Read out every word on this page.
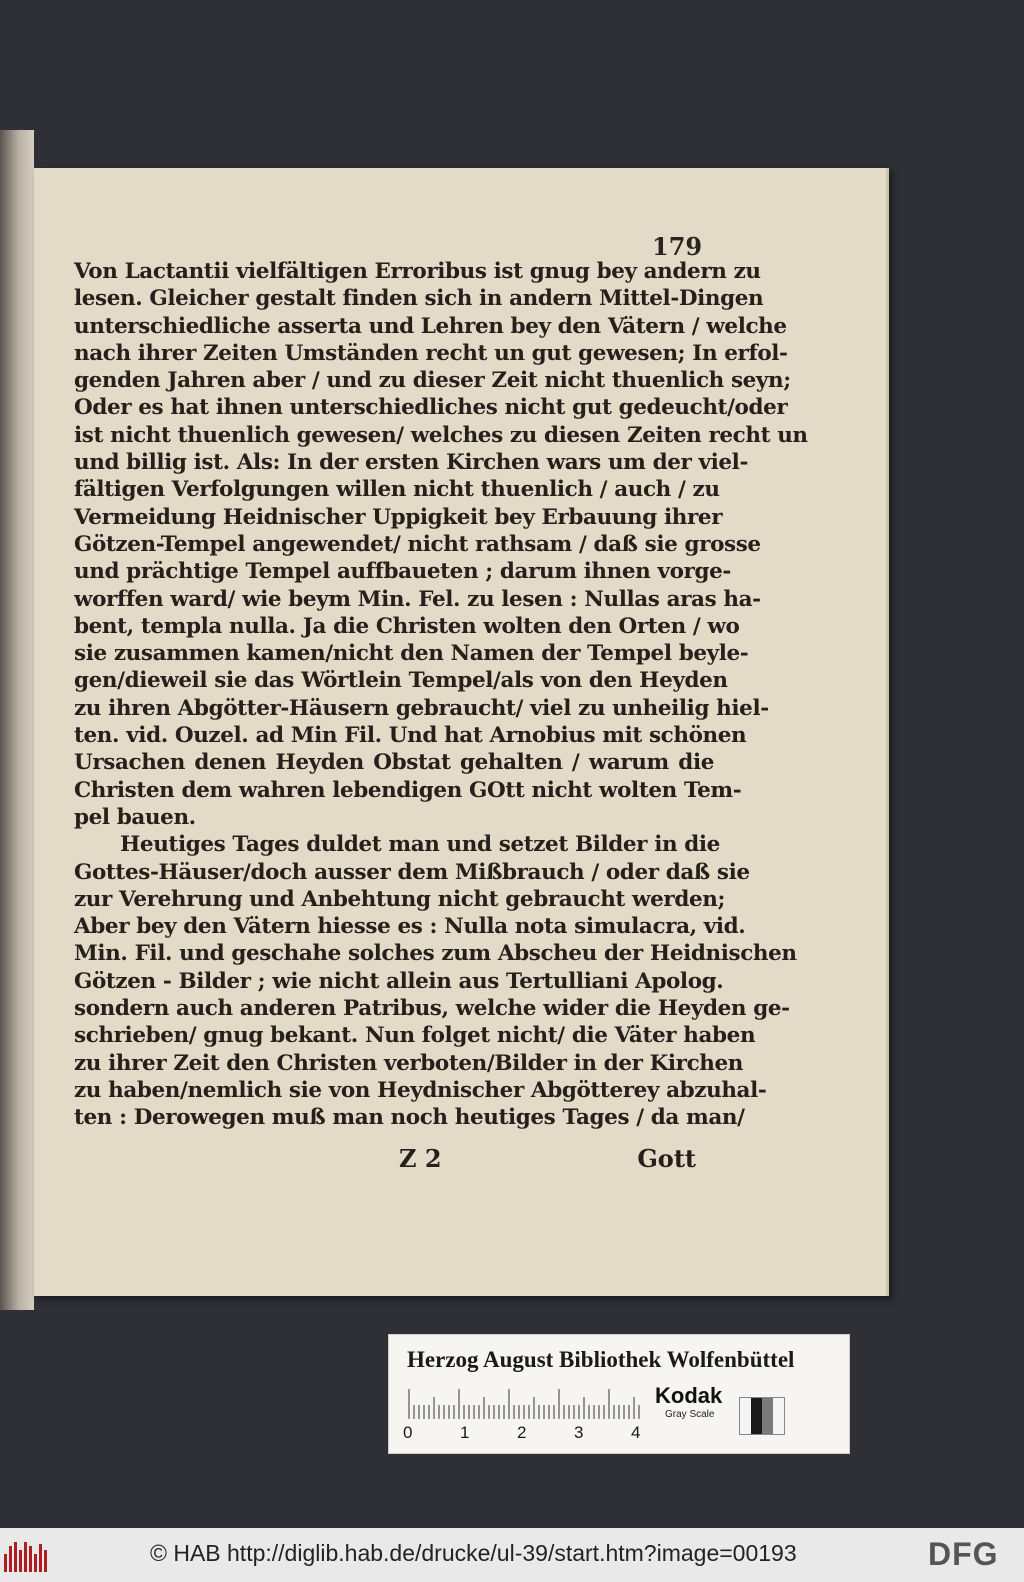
179
Von Lactantii vielfältigen Erroribus ist gnug bey andern zu
lesen. Gleicher gestalt finden sich in andern Mittel-Dingen
unterschiedliche asserta und Lehren bey den Vätern / welche
nach ihrer Zeiten Umständen recht un gut gewesen; In erfol-
genden Jahren aber / und zu dieser Zeit nicht thuenlich seyn;
Oder es hat ihnen unterschiedliches nicht gut gedeucht/oder
ist nicht thuenlich gewesen/ welches zu diesen Zeiten recht un
und billig ist. Als: In der ersten Kirchen wars um der viel-
fältigen Verfolgungen willen nicht thuenlich / auch / zu
Vermeidung Heidnischer Uppigkeit bey Erbauung ihrer
Götzen-Tempel angewendet/ nicht rathsam / daß sie grosse
und prächtige Tempel auffbaueten ; darum ihnen vorge-
worffen ward/ wie beym Min. Fel. zu lesen : Nullas aras ha-
bent, templa nulla. Ja die Christen wolten den Orten / wo
sie zusammen kamen/nicht den Namen der Tempel beyle-
gen/dieweil sie das Wörtlein Tempel/als von den Heyden
zu ihren Abgötter-Häusern gebraucht/ viel zu unheilig hiel-
ten. vid. Ouzel. ad Min Fil. Und hat Arnobius mit schönen
Ursachen denen Heyden Obstat gehalten / warum die
Christen dem wahren lebendigen GOtt nicht wolten Tem-
pel bauen.
Heutiges Tages duldet man und setzet Bilder in die
Gottes-Häuser/doch ausser dem Mißbrauch / oder daß sie
zur Verehrung und Anbehtung nicht gebraucht werden;
Aber bey den Vätern hiesse es : Nulla nota simulacra, vid.
Min. Fil. und geschahe solches zum Abscheu der Heidnischen
Götzen - Bilder ; wie nicht allein aus Tertulliani Apolog.
sondern auch anderen Patribus, welche wider die Heyden ge-
schrieben/ gnug bekant. Nun folget nicht/ die Väter haben
zu ihrer Zeit den Christen verboten/Bilder in der Kirchen
zu haben/nemlich sie von Heydnischer Abgötterey abzuhal-
ten : Derowegen muß man noch heutiges Tages / da man/
Z 2	Gott
Herzog August Bibliothek Wolfenbüttel
0	1	2	3	4
Kodak
Gray Scale
© HAB http://diglib.hab.de/drucke/ul-39/start.htm?image=00193	DFG
